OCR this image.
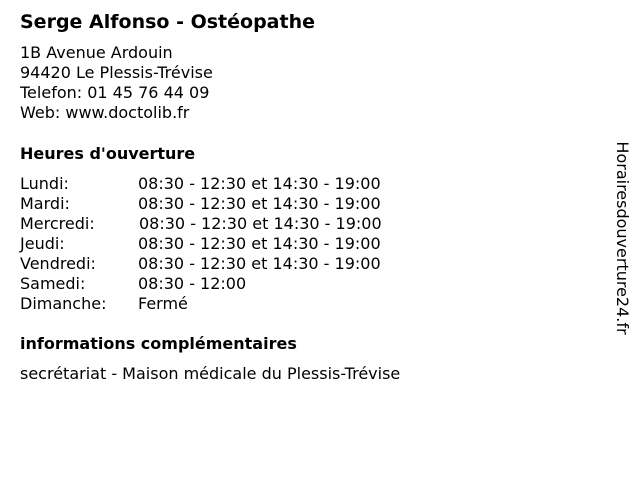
Serge Alfonso - Ostéopathe
1B Avenue Ardouin
94420 Le Plessis-Trévise
Telefon: 01 45 76 44 09
Web: www.doctolib.fr
Heures d'ouverture
Lundi:	08:30 - 12:30 et 14:30 - 19:00
Mardi:	08:30 - 12:30 et 14:30 - 19:00
Mercredi:	08:30 - 12:30 et 14:30 - 19:00
Jeudi:	08:30 - 12:30 et 14:30 - 19:00
Vendredi:	08:30 - 12:30 et 14:30 - 19:00
Samedi:	08:30 - 12:00
Dimanche: Fermé
informations complémentaires
secrétariat - Maison médicale du Plessis-Trévise
Horairesdouverture24.fr
